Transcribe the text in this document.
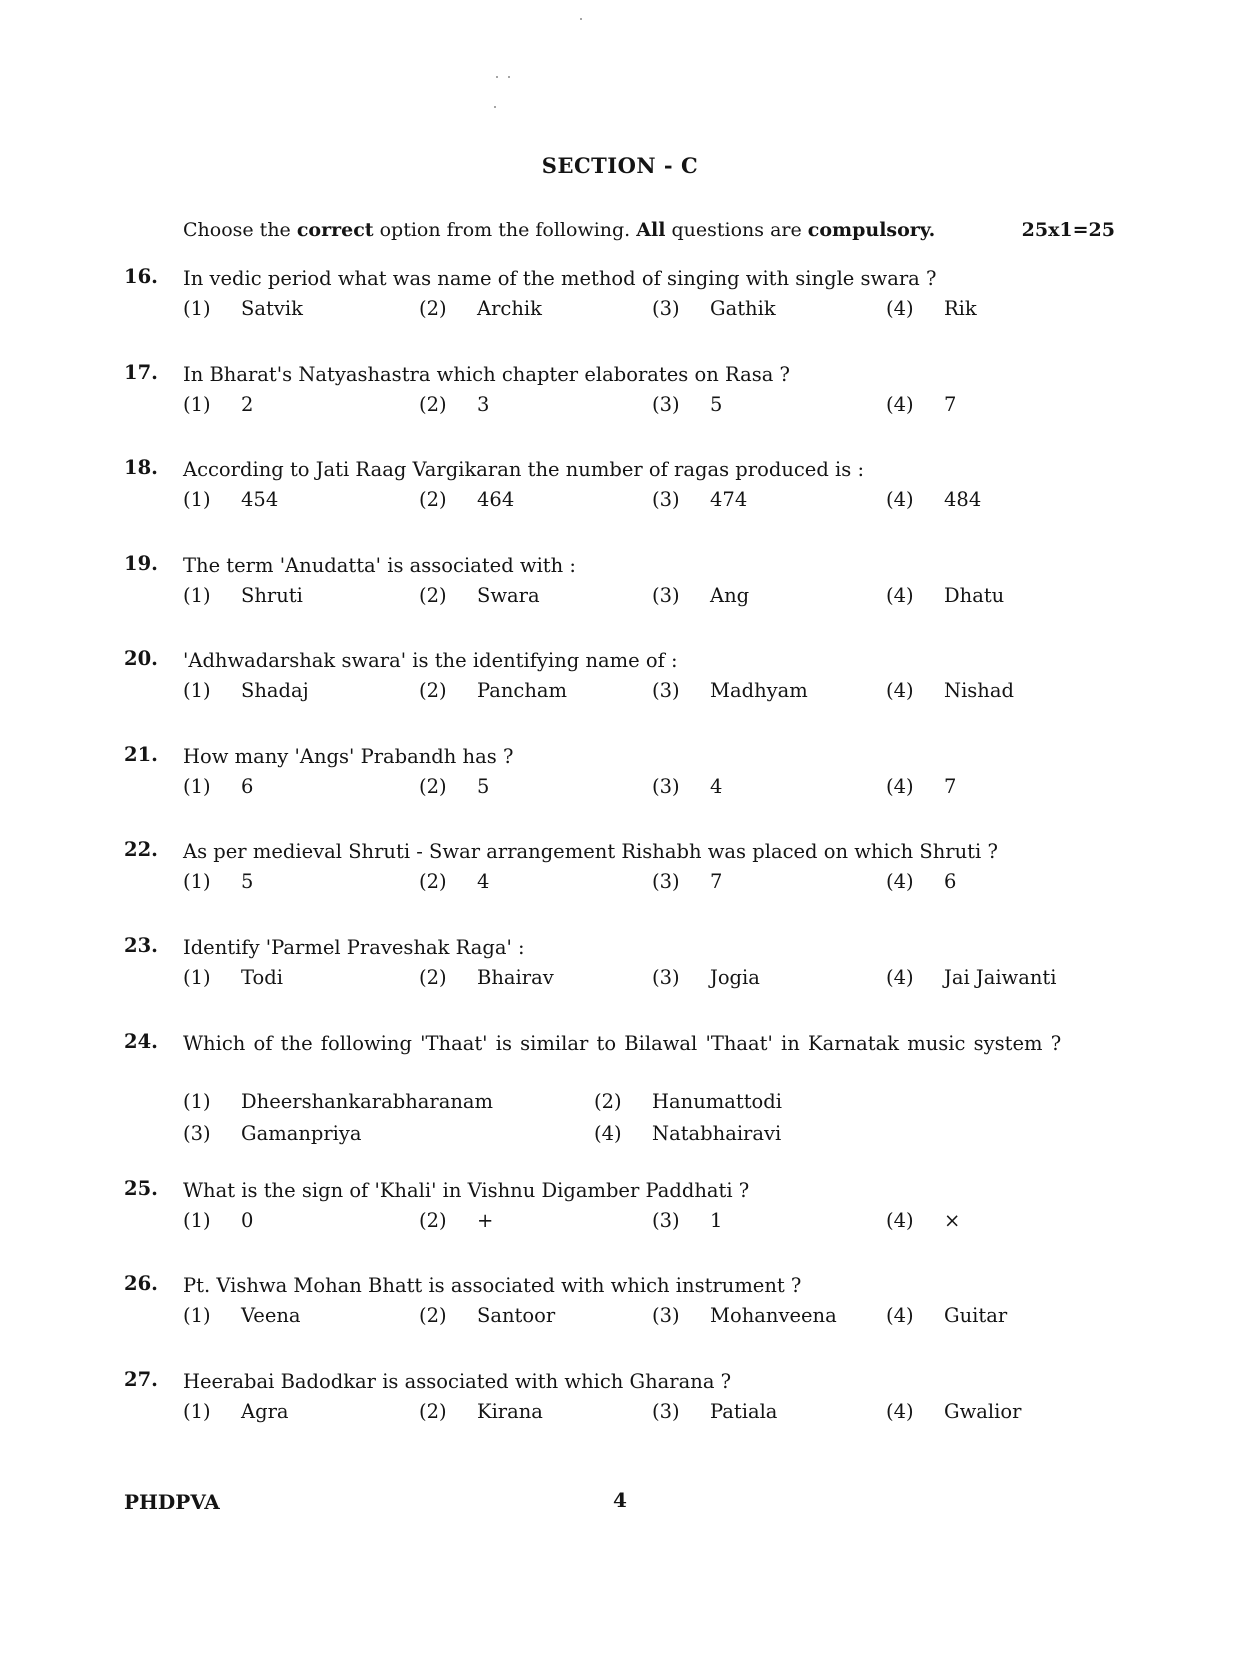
SECTION - C
Choose the correct option from the following. All questions are compulsory.	25x1=25
16. In vedic period what was name of the method of singing with single swara ?
(1) Satvik	(2) Archik	(3) Gathik	(4) Rik
17. In Bharat's Natyashastra which chapter elaborates on Rasa ?
(1) 2	(2) 3	(3) 5	(4) 7
18. According to Jati Raag Vargikaran the number of ragas produced is :
(1) 454	(2) 464	(3) 474	(4) 484
19. The term 'Anudatta' is associated with :
(1) Shruti	(2) Swara	(3) Ang	(4) Dhatu
20. 'Adhwadarshak swara' is the identifying name of :
(1) Shadaj	(2) Pancham	(3) Madhyam	(4) Nishad
21. How many 'Angs' Prabandh has ?
(1) 6	(2) 5	(3) 4	(4) 7
22. As per medieval Shruti - Swar arrangement Rishabh was placed on which Shruti ?
(1) 5	(2) 4	(3) 7	(4) 6
23. Identify 'Parmel Praveshak Raga' :
(1) Todi	(2) Bhairav	(3) Jogia	(4) Jai Jaiwanti
24. Which of the following 'Thaat' is similar to Bilawal 'Thaat' in Karnatak music system ?
(1) Dheershankarabharanam	(2) Hanumattodi
(3) Gamanpriya	(4) Natabhairavi
25. What is the sign of 'Khali' in Vishnu Digamber Paddhati ?
(1) 0	(2) +	(3) 1	(4) ×
26. Pt. Vishwa Mohan Bhatt is associated with which instrument ?
(1) Veena	(2) Santoor	(3) Mohanveena	(4) Guitar
27. Heerabai Badodkar is associated with which Gharana ?
(1) Agra	(2) Kirana	(3) Patiala	(4) Gwalior
PHDPVA	4
